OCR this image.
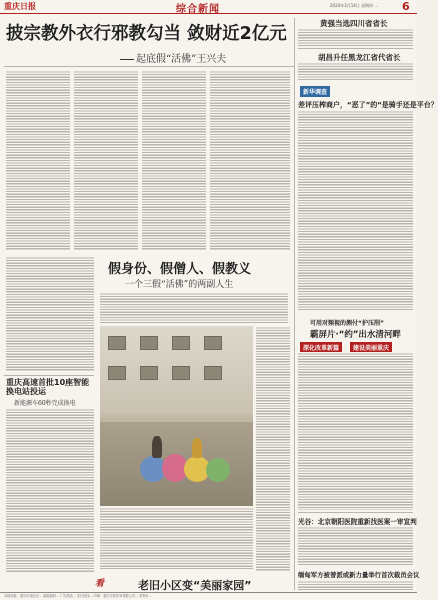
重庆日报	综合新闻	2024年3月14日 星期四 ... 6
披宗教外衣行邪教勾当 敛财近2亿元
起底假“活佛”王兴夫
假身份、假僧人、假教义
一个三假“活佛”的两副人生
重庆高速首批10座智能换电站投运
新能源车60秒完成换电
看	老旧小区变“美丽家园”
黄强当选四川省省长
胡昌升任黑龙江省代省长
新华调查
差评压榨商户，“恶了”的“是骑手还是平台？
可用对频视的测付“护压削”
霸屏片·“约”出水清河畔
深化改革新篇	建设美丽重庆
光谷：北京朝阳医院重新找医案一审宣判
缅甸军方被曾派或新力量举行首次裁员会议
本报地址：重庆市渝北区... 邮政编码... 广告热线... 发行热线... 印刷：重庆日报印务有限公司... 零售价...
